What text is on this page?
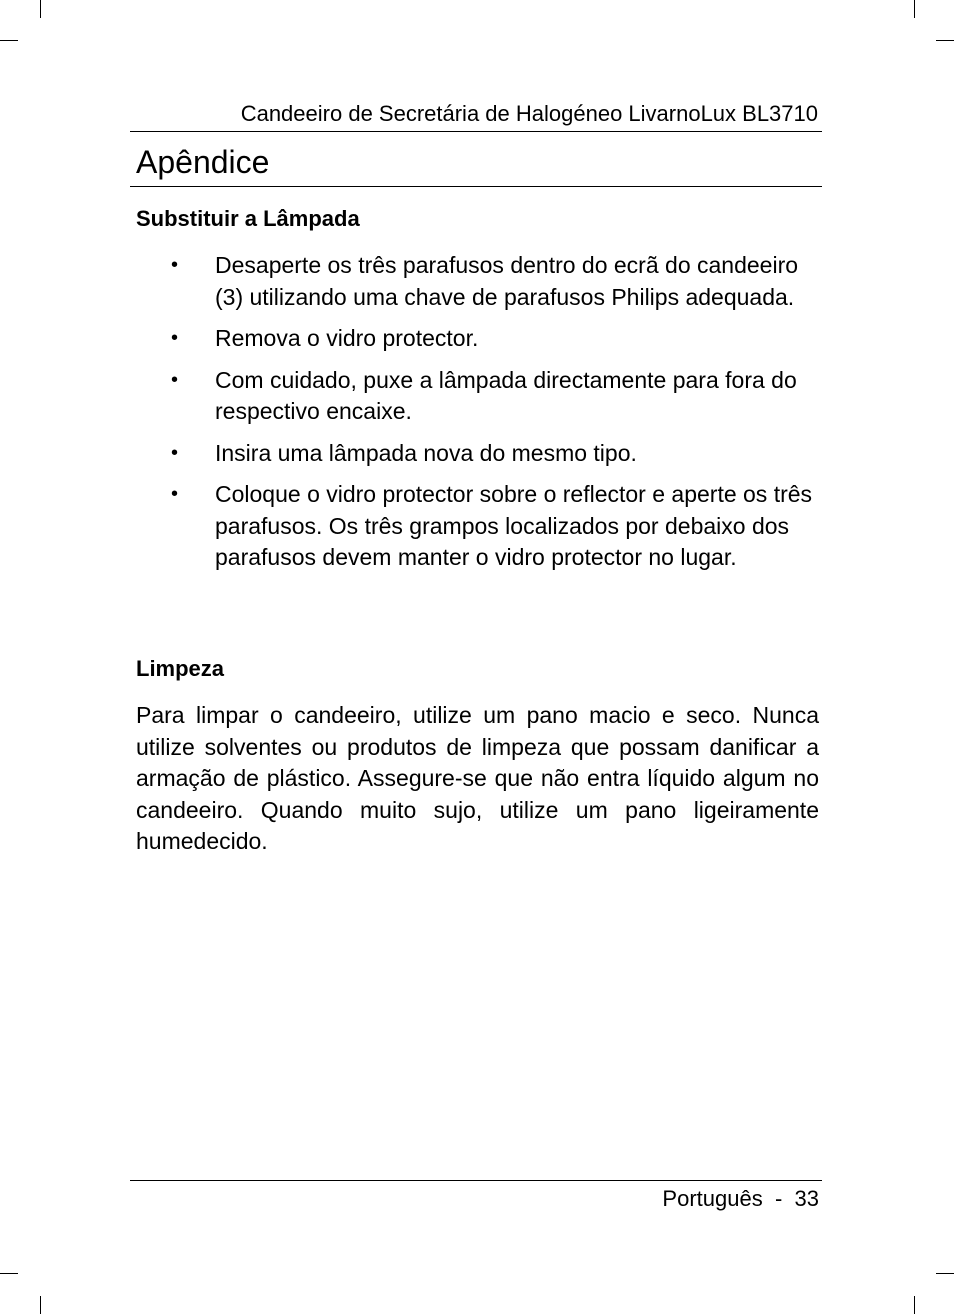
Candeeiro de Secretária de Halogéneo LivarnoLux BL3710
Apêndice
Substituir a Lâmpada
• Desaperte os três parafusos dentro do ecrã do candeeiro (3) utilizando uma chave de parafusos Philips adequada.
• Remova o vidro protector.
• Com cuidado, puxe a lâmpada directamente para fora do respectivo encaixe.
• Insira uma lâmpada nova do mesmo tipo.
• Coloque o vidro protector sobre o reflector e aperte os três parafusos. Os três grampos localizados por debaixo dos parafusos devem manter o vidro protector no lugar.
Limpeza

Para limpar o candeeiro, utilize um pano macio e seco. Nunca utilize solventes ou produtos de limpeza que possam danificar a armação de plástico. Assegure-se que não entra líquido algum no candeeiro. Quando muito sujo, utilize um pano ligeiramente humedecido.

Português - 33
